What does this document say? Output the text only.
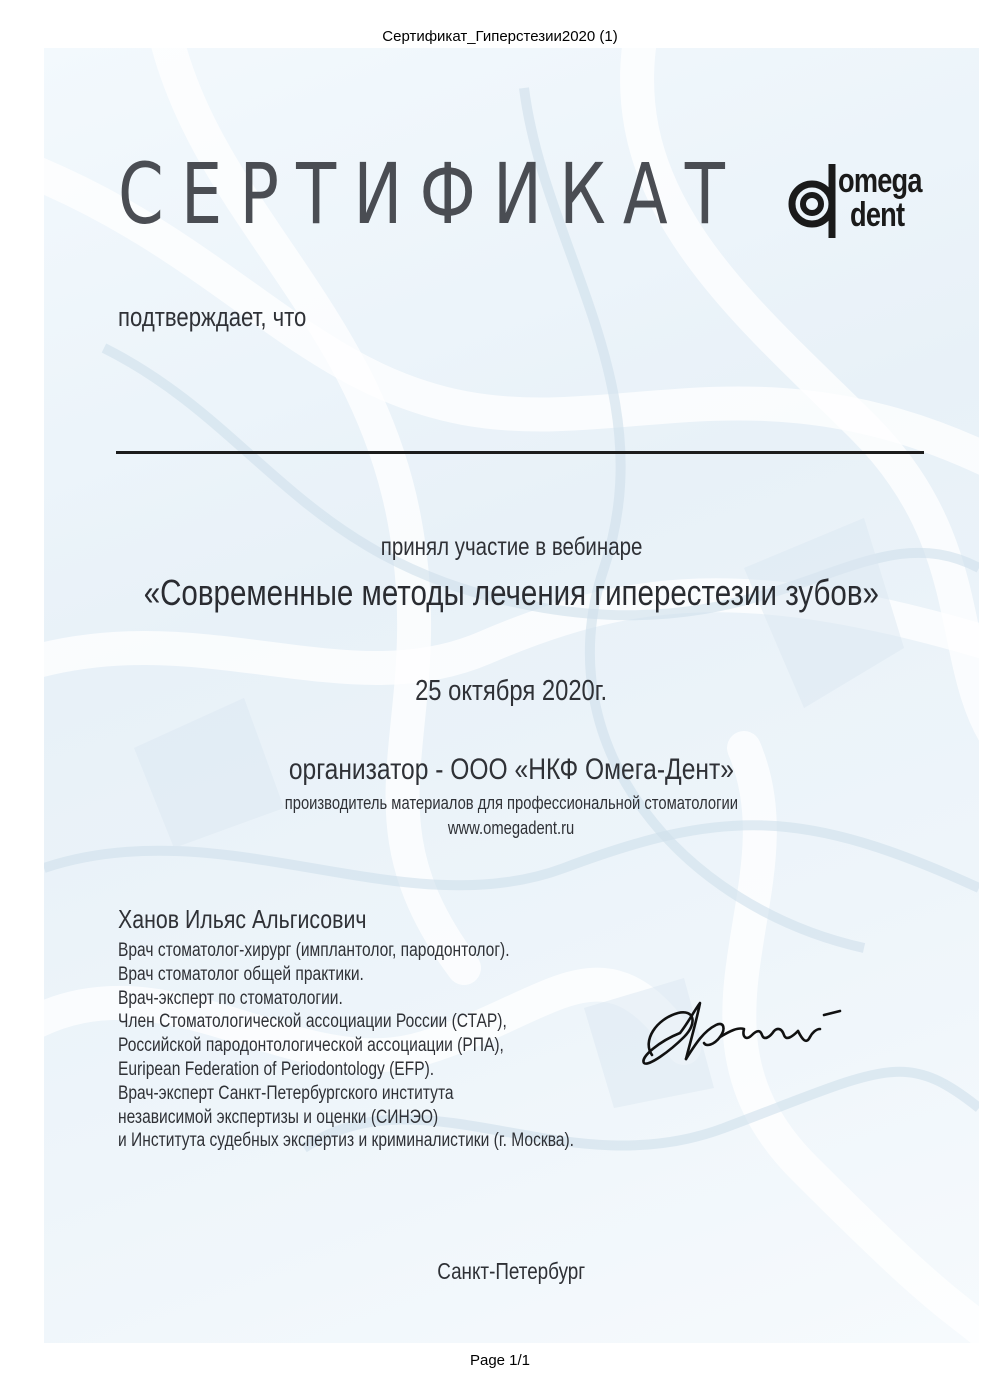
Сертификат_Гиперстезии2020 (1)
СЕРТИФИКАТ	omega
dent
подтверждает, что
принял участие в вебинаре
«Современные методы лечения гиперестезии зубов»
25 октября 2020г.
организатор - ООО «НКФ Омега-Дент»
производитель материалов для профессиональной стоматологии
www.omegadent.ru
Ханов Ильяс Альгисович
Врач стоматолог-хирург (имплантолог, пародонтолог).
Врач стоматолог общей практики.
Врач-эксперт по стоматологии.
Член Стоматологической ассоциации России (СТАР),
Российской пародонтологической ассоциации (РПА),
Euripean Federation of Periodontology (EFP).
Врач-эксперт Санкт-Петербургского института
независимой экспертизы и оценки (СИНЭО)
и Института судебных экспертиз и криминалистики (г. Москва).
Санкт-Петербург
Page 1/1
